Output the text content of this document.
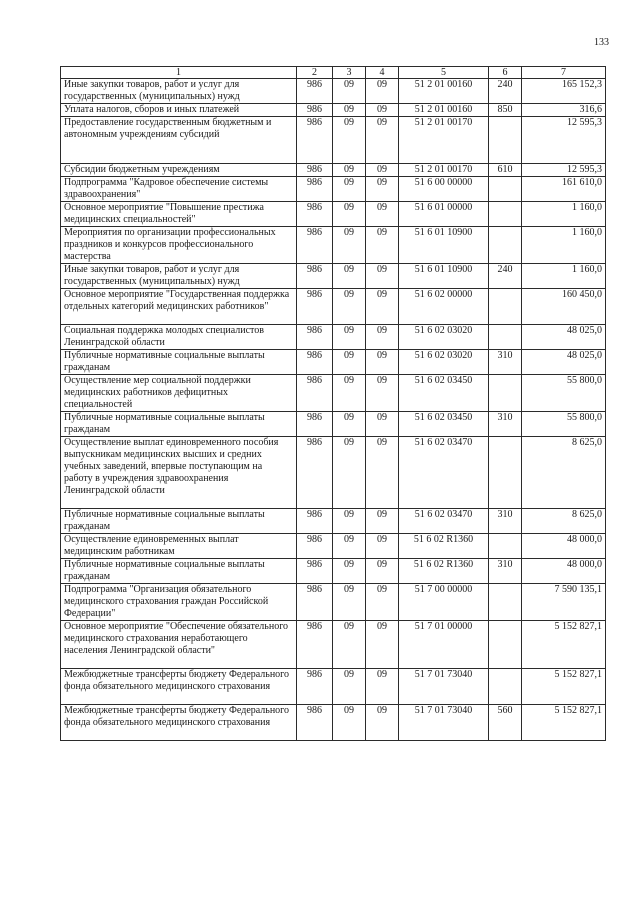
133
1	2	3	4	5	6	7
Иные закупки товаров, работ и услуг для государственных (муниципальных) нужд	986	09	09	51 2 01 00160	240	165 152,3
Уплата налогов, сборов и иных платежей	986	09	09	51 2 01 00160	850	316,6
Предоставление государственным бюджетным и автономным учреждениям субсидий	986	09	09	51 2 01 00170		12 595,3
Субсидии бюджетным учреждениям	986	09	09	51 2 01 00170	610	12 595,3
Подпрограмма "Кадровое обеспечение системы здравоохранения"	986	09	09	51 6 00 00000		161 610,0
Основное мероприятие "Повышение престижа медицинских специальностей"	986	09	09	51 6 01 00000		1 160,0
Мероприятия по организации профессиональных праздников и конкурсов профессионального мастерства	986	09	09	51 6 01 10900		1 160,0
Иные закупки товаров, работ и услуг для государственных (муниципальных) нужд	986	09	09	51 6 01 10900	240	1 160,0
Основное мероприятие "Государственная поддержка отдельных категорий медицинских работников"	986	09	09	51 6 02 00000		160 450,0
Социальная поддержка молодых специалистов Ленинградской области	986	09	09	51 6 02 03020		48 025,0
Публичные нормативные социальные выплаты гражданам	986	09	09	51 6 02 03020	310	48 025,0
Осуществление мер социальной поддержки медицинских работников дефицитных специальностей	986	09	09	51 6 02 03450		55 800,0
Публичные нормативные социальные выплаты гражданам	986	09	09	51 6 02 03450	310	55 800,0
Осуществление выплат единовременного пособия выпускникам медицинских высших и средних учебных заведений, впервые поступающим на работу в учреждения здравоохранения Ленинградской области	986	09	09	51 6 02 03470		8 625,0
Публичные нормативные социальные выплаты гражданам	986	09	09	51 6 02 03470	310	8 625,0
Осуществление единовременных выплат медицинским работникам	986	09	09	51 6 02 R1360		48 000,0
Публичные нормативные социальные выплаты гражданам	986	09	09	51 6 02 R1360	310	48 000,0
Подпрограмма "Организация обязательного медицинского страхования граждан Российской Федерации"	986	09	09	51 7 00 00000		7 590 135,1
Основное мероприятие "Обеспечение обязательного медицинского страхования неработающего населения Ленинградской области"	986	09	09	51 7 01 00000		5 152 827,1
Межбюджетные трансферты бюджету Федерального фонда обязательного медицинского страхования	986	09	09	51 7 01 73040		5 152 827,1
Межбюджетные трансферты бюджету Федерального фонда обязательного медицинского страхования	986	09	09	51 7 01 73040	560	5 152 827,1
